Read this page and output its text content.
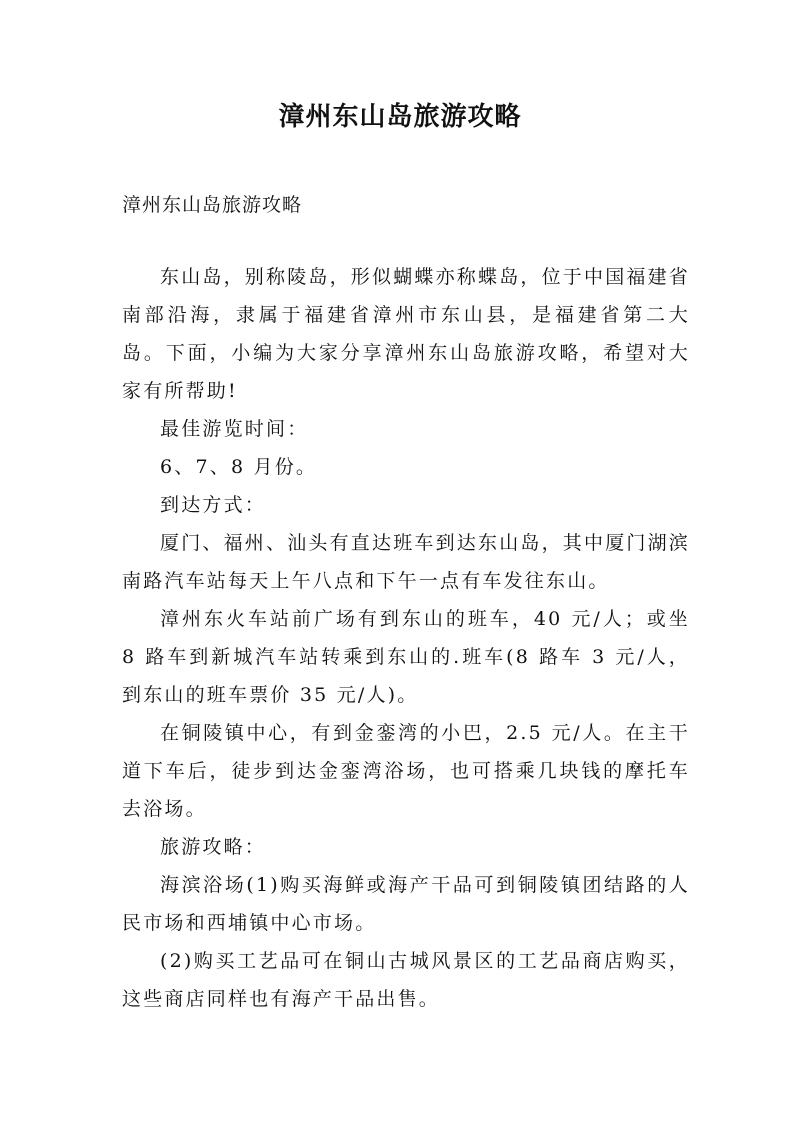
漳州东山岛旅游攻略

漳州东山岛旅游攻略

东山岛，别称陵岛，形似蝴蝶亦称蝶岛，位于中国福建省南部沿海，隶属于福建省漳州市东山县，是福建省第二大岛。下面，小编为大家分享漳州东山岛旅游攻略，希望对大家有所帮助!

最佳游览时间：

6、7、8 月份。

到达方式：

厦门、福州、汕头有直达班车到达东山岛，其中厦门湖滨南路汽车站每天上午八点和下午一点有车发往东山。

漳州东火车站前广场有到东山的班车，40 元/人；或坐 8 路车到新城汽车站转乘到东山的.班车(8 路车 3 元/人，到东山的班车票价 35 元/人)。

在铜陵镇中心，有到金銮湾的小巴，2.5 元/人。在主干道下车后，徒步到达金銮湾浴场，也可搭乘几块钱的摩托车去浴场。

旅游攻略：

海滨浴场(1)购买海鲜或海产干品可到铜陵镇团结路的人民市场和西埔镇中心市场。

(2)购买工艺品可在铜山古城风景区的工艺品商店购买，这些商店同样也有海产干品出售。
